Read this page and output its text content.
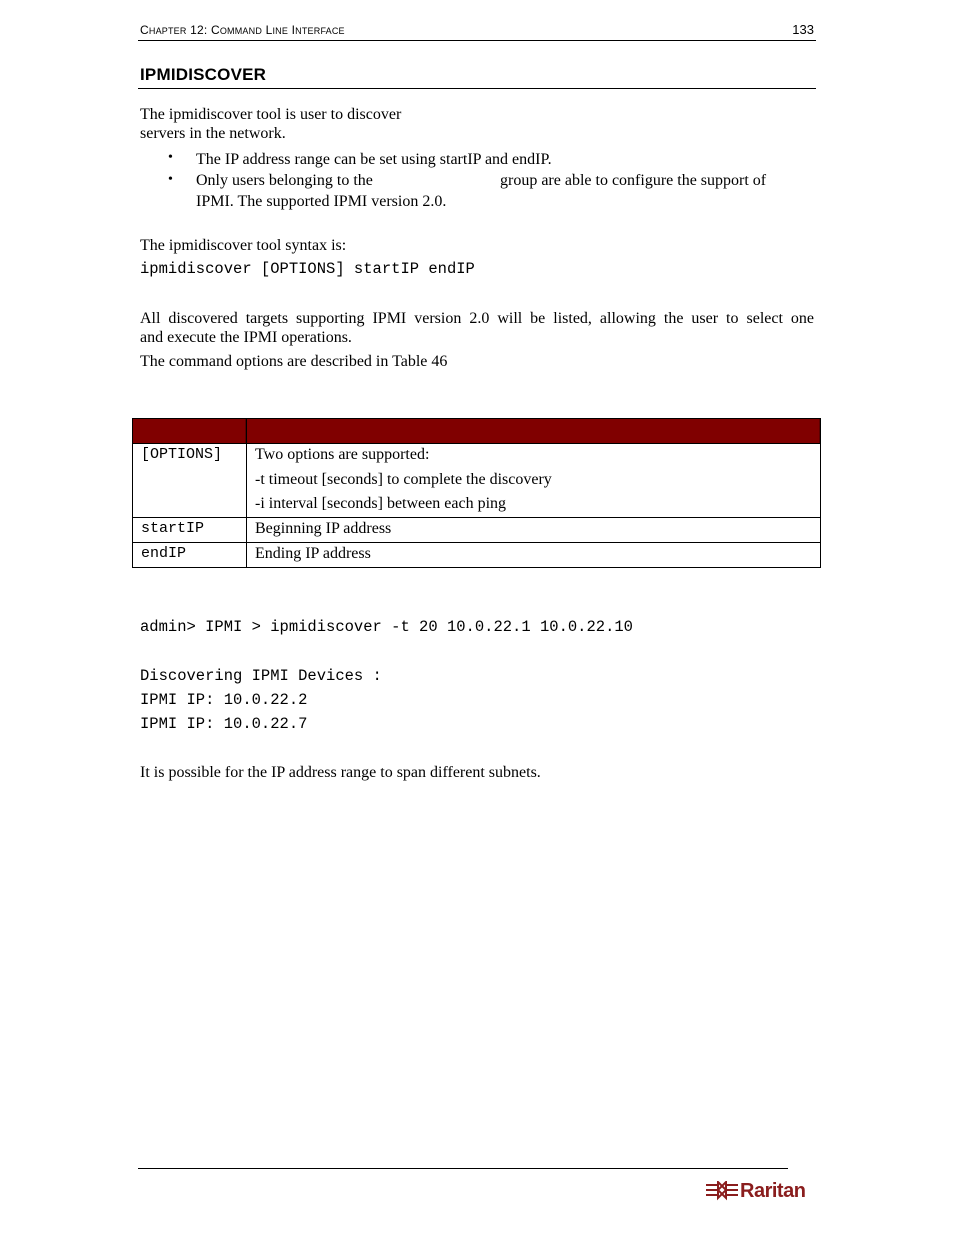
CHAPTER 12: COMMAND LINE INTERFACE	133
IPMIDISCOVER
The ipmidiscover tool is user to discover
servers in the network.
• The IP address range can be set using startIP and endIP.
• Only users belonging to the	group are able to configure the support of
IPMI. The supported IPMI version 2.0.
The ipmidiscover tool syntax is:
ipmidiscover [OPTIONS] startIP endIP
All discovered targets supporting IPMI version 2.0 will be listed, allowing the user to select one
and execute the IPMI operations.
The command options are described in Table 46

[OPTIONS]	Two options are supported:
-t timeout [seconds] to complete the discovery
-i interval [seconds] between each ping

startIP	Beginning IP address

endIP	Ending IP address
admin> IPMI > ipmidiscover -t 20 10.0.22.1 10.0.22.10
Discovering IPMI Devices :
IPMI IP: 10.0.22.2
IPMI IP: 10.0.22.7
It is possible for the IP address range to span different subnets.
Raritan
